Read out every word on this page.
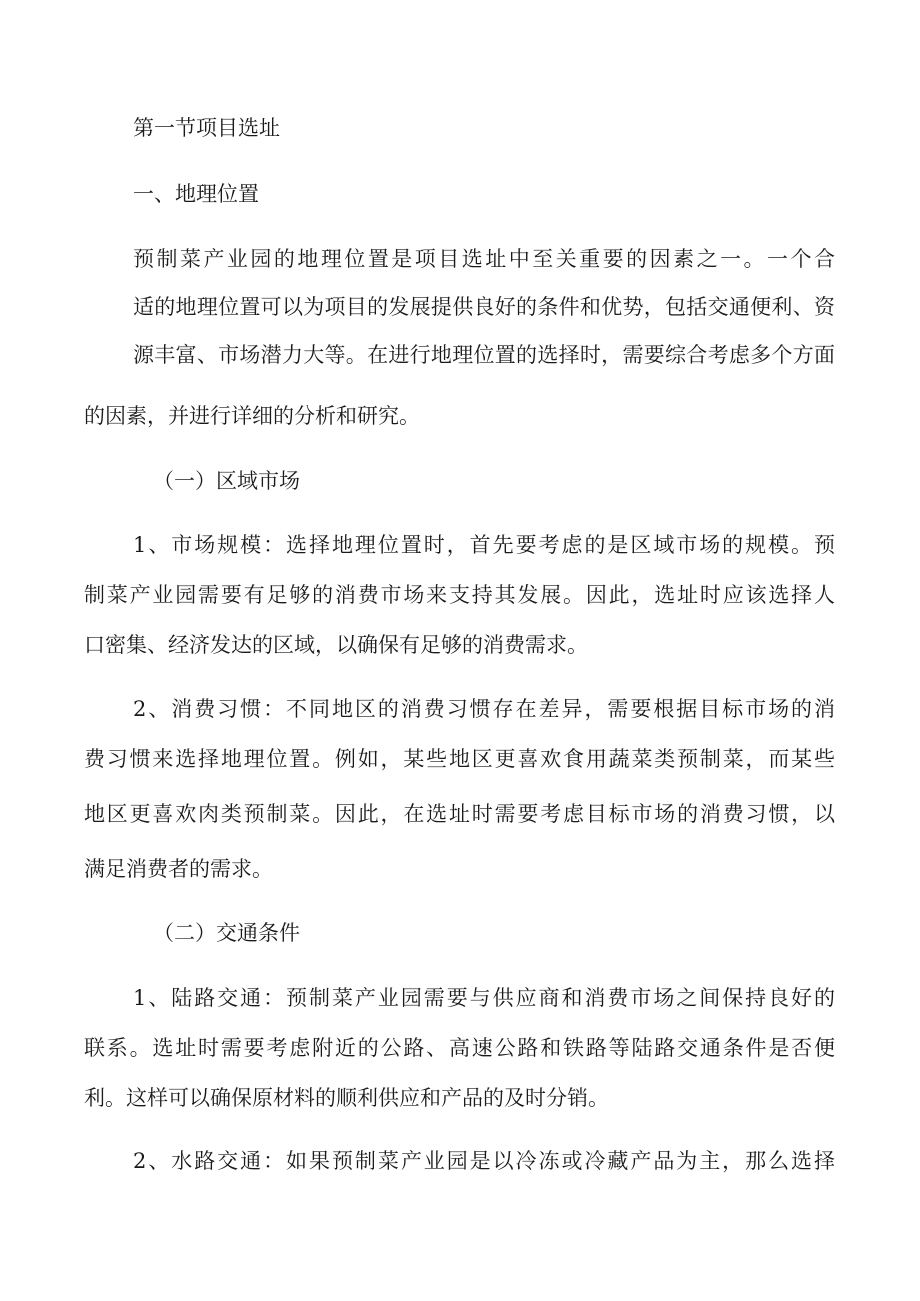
第一节项目选址
一、地理位置
预制菜产业园的地理位置是项目选址中至关重要的因素之一。一个合
适的地理位置可以为项目的发展提供良好的条件和优势，包括交通便利、资
源丰富、市场潜力大等。在进行地理位置的选择时，需要综合考虑多个方面
的因素，并进行详细的分析和研究。
（一）区域市场
1、市场规模：选择地理位置时，首先要考虑的是区域市场的规模。预
制菜产业园需要有足够的消费市场来支持其发展。因此，选址时应该选择人
口密集、经济发达的区域，以确保有足够的消费需求。
2、消费习惯：不同地区的消费习惯存在差异，需要根据目标市场的消
费习惯来选择地理位置。例如，某些地区更喜欢食用蔬菜类预制菜，而某些
地区更喜欢肉类预制菜。因此，在选址时需要考虑目标市场的消费习惯，以
满足消费者的需求。
（二）交通条件
1、陆路交通：预制菜产业园需要与供应商和消费市场之间保持良好的
联系。选址时需要考虑附近的公路、高速公路和铁路等陆路交通条件是否便
利。这样可以确保原材料的顺利供应和产品的及时分销。
2、水路交通：如果预制菜产业园是以冷冻或冷藏产品为主，那么选择
